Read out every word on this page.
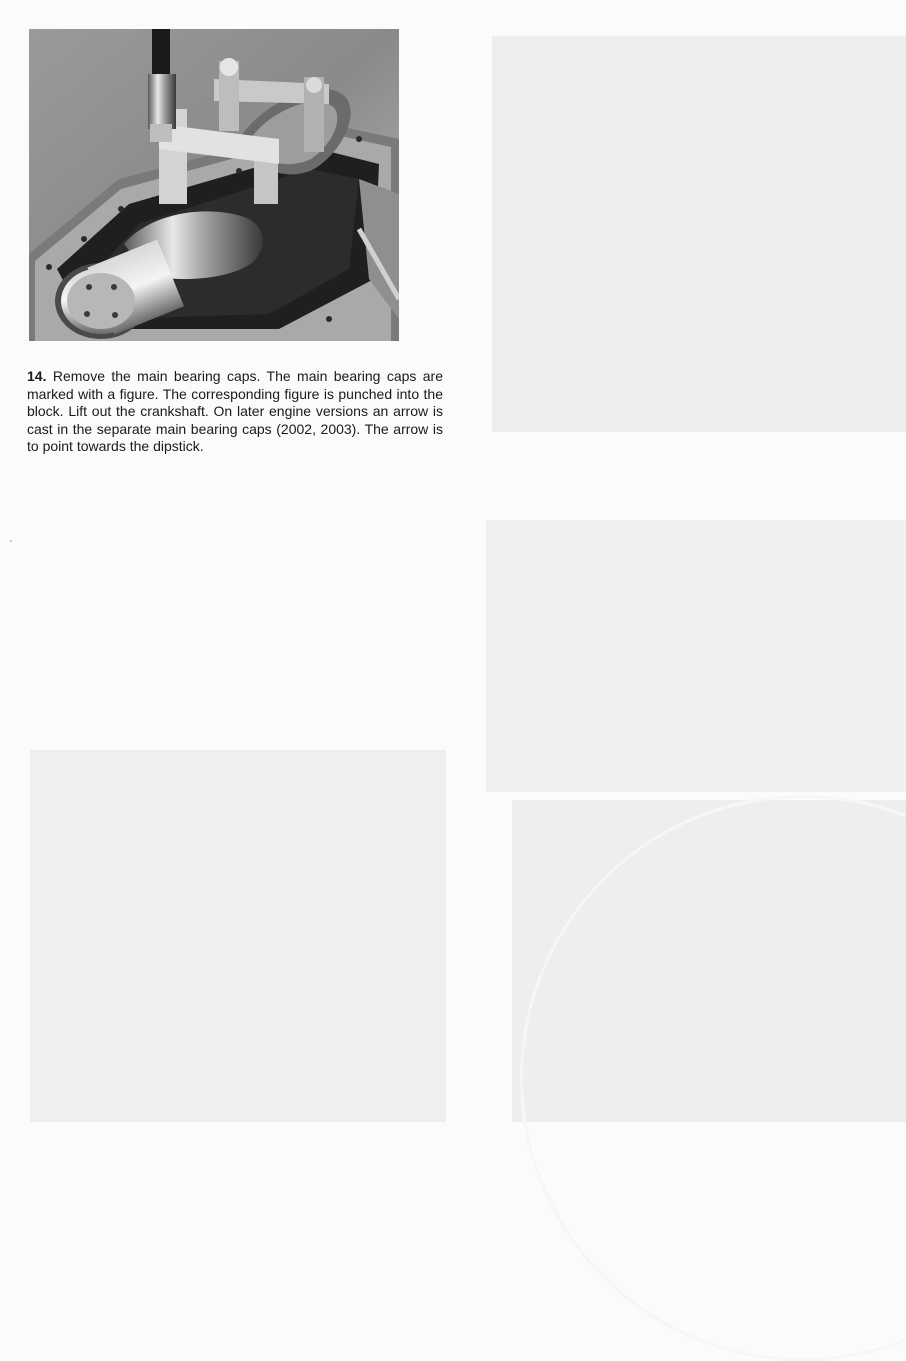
14. Remove the main bearing caps. The main bearing caps are marked with a figure. The corresponding figure is punched into the block. Lift out the crankshaft. On later engine versions an arrow is cast in the separate main bearing caps (2002, 2003). The arrow is to point towards the dipstick.
